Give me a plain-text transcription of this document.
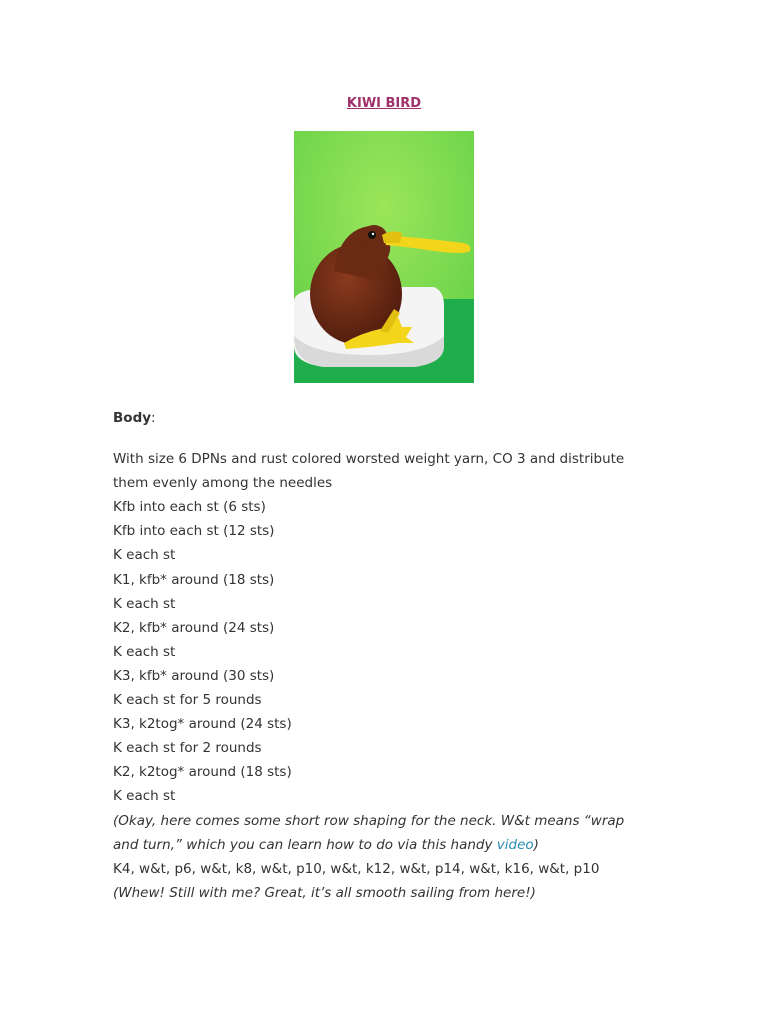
KIWI BIRD

Body:

With size 6 DPNs and rust colored worsted weight yarn, CO 3 and distribute them evenly among the needles

Kfb into each st (6 sts)

Kfb into each st (12 sts)

K each st

K1, kfb* around (18 sts)

K each st

K2, kfb* around (24 sts)

K each st

K3, kfb* around (30 sts)

K each st for 5 rounds

K3, k2tog* around (24 sts)

K each st for 2 rounds

K2, k2tog* around (18 sts)

K each st

(Okay, here comes some short row shaping for the neck. W&t means “wrap and turn,” which you can learn how to do via this handy video)

K4, w&t, p6, w&t, k8, w&t, p10, w&t, k12, w&t, p14, w&t, k16, w&t, p10

(Whew! Still with me? Great, it’s all smooth sailing from here!)
